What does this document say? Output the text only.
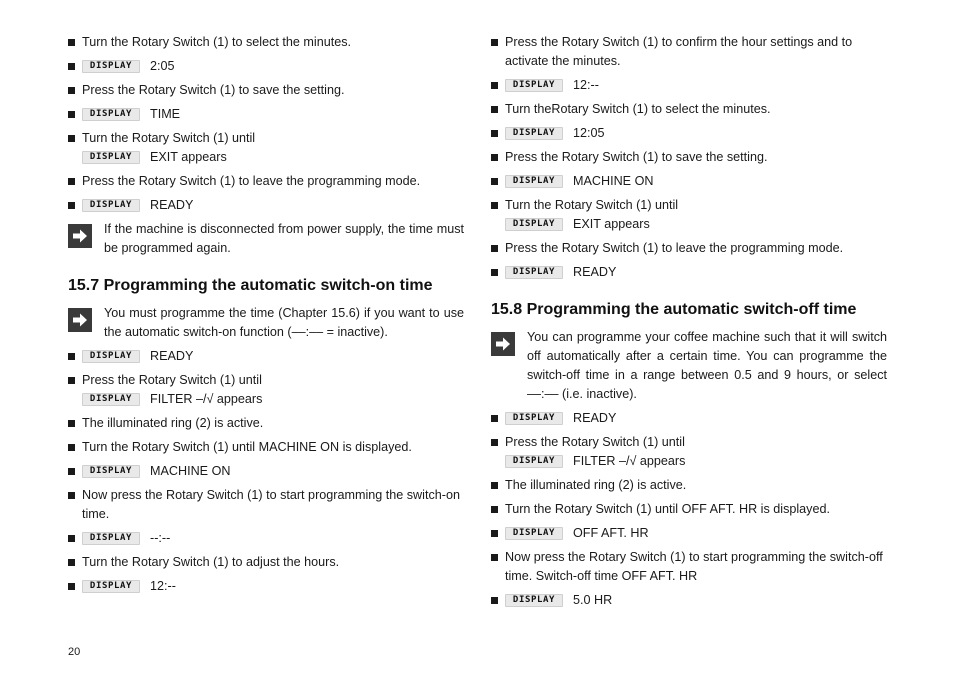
Turn the Rotary Switch (1) to select the minutes.
DISPLAY	2:05
Press the Rotary Switch (1) to save the setting.
DISPLAY	TIME
Turn the Rotary Switch (1) until
DISPLAY	EXIT appears
Press the Rotary Switch (1) to leave the programming mode.
DISPLAY	READY
If the machine is disconnected from power supply, the time must be programmed again.
15.7 Programming the automatic switch-on time
You must programme the time (Chapter 15.6) if you want to use the automatic switch-on function (––:–– = inactive).
DISPLAY	READY
Press the Rotary Switch (1) until
DISPLAY	FILTER –/√ appears
The illuminated ring (2) is active.
Turn the Rotary Switch (1) until MACHINE ON is displayed.
DISPLAY	MACHINE ON
Now press the Rotary Switch (1) to start programming the switch-on time.
DISPLAY	--:--
Turn the Rotary Switch (1) to adjust the hours.
DISPLAY	12:--
Press the Rotary Switch (1) to confirm the hour settings and to activate the minutes.
DISPLAY	12:--
Turn theRotary Switch (1) to select the minutes.
DISPLAY	12:05
Press the Rotary Switch (1) to save the setting.
DISPLAY	MACHINE ON
Turn the Rotary Switch (1) until
DISPLAY	EXIT appears
Press the Rotary Switch (1) to leave the programming mode.
DISPLAY	READY
15.8 Programming the automatic switch-off time
You can programme your coffee machine such that it will switch off automatically after a certain time. You can programme the switch-off time in a range between 0.5 and 9 hours, or select ––:–– (i.e. inactive).
DISPLAY	READY
Press the Rotary Switch (1) until
DISPLAY	FILTER –/√ appears
The illuminated ring (2) is active.
Turn the Rotary Switch (1) until OFF AFT. HR is displayed.
DISPLAY	OFF AFT. HR
Now press the Rotary Switch (1) to start programming the switch-off time. Switch-off time OFF AFT. HR
DISPLAY	5.0 HR
20
